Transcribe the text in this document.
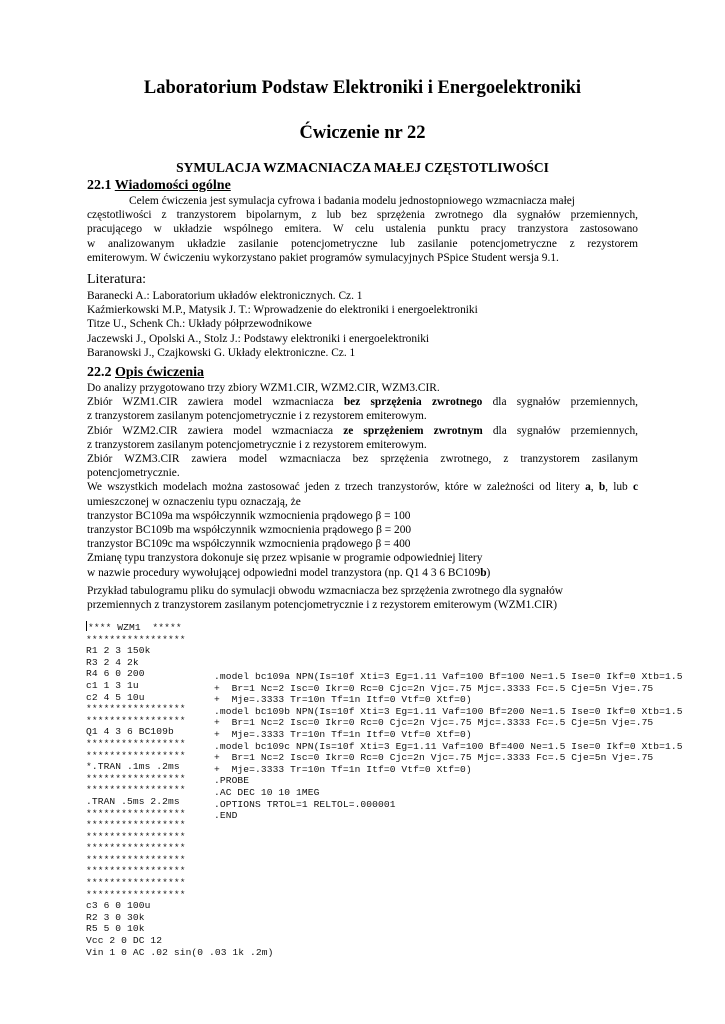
Laboratorium Podstaw Elektroniki i Energoelektroniki
Ćwiczenie nr 22
SYMULACJA WZMACNIACZA MAŁEJ CZĘSTOTLIWOŚCI
22.1 Wiadomości ogólne
Celem ćwiczenia jest symulacja cyfrowa i badania modelu jednostopniowego wzmacniacza małej
częstotliwości z tranzystorem bipolarnym, z lub bez sprzężenia zwrotnego dla sygnałów przemiennych,
pracującego w układzie wspólnego emitera. W celu ustalenia punktu pracy tranzystora zastosowano
w analizowanym układzie zasilanie potencjometryczne lub zasilanie potencjometryczne z rezystorem
emiterowym. W ćwiczeniu wykorzystano pakiet programów symulacyjnych PSpice Student wersja 9.1.
Literatura:
Baranecki A.: Laboratorium układów elektronicznych. Cz. 1
Kaźmierkowski M.P., Matysik J. T.: Wprowadzenie do elektroniki i energoelektroniki
Titze U., Schenk Ch.: Układy półprzewodnikowe
Jaczewski J., Opolski A., Stolz J.: Podstawy elektroniki i energoelektroniki
Baranowski J., Czajkowski G. Układy elektroniczne. Cz. 1
22.2 Opis ćwiczenia
Do analizy przygotowano trzy zbiory WZM1.CIR, WZM2.CIR, WZM3.CIR.
Zbiór WZM1.CIR zawiera model wzmacniacza bez sprzężenia zwrotnego dla sygnałów przemiennych,
z tranzystorem zasilanym potencjometrycznie i z rezystorem emiterowym.
Zbiór WZM2.CIR zawiera model wzmacniacza ze sprzężeniem zwrotnym dla sygnałów przemiennych,
z tranzystorem zasilanym potencjometrycznie i z rezystorem emiterowym.
Zbiór WZM3.CIR zawiera model wzmacniacza bez sprzężenia zwrotnego, z tranzystorem zasilanym
potencjometrycznie.
We wszystkich modelach można zastosować jeden z trzech tranzystorów, które w zależności od litery a, b, lub c
umieszczonej w oznaczeniu typu oznaczają, że
tranzystor BC109a ma współczynnik wzmocnienia prądowego β = 100
tranzystor BC109b ma współczynnik wzmocnienia prądowego β = 200
tranzystor BC109c ma współczynnik wzmocnienia prądowego β = 400
Zmianę typu tranzystora dokonuje się przez wpisanie w programie odpowiedniej litery
w nazwie procedury wywołującej odpowiedni model tranzystora (np. Q1 4 3 6 BC109b)
Przykład tabulogramu pliku do symulacji obwodu wzmacniacza bez sprzężenia zwrotnego dla sygnałów
przemiennych z tranzystorem zasilanym potencjometrycznie i z rezystorem emiterowym (WZM1.CIR)
**** WZM1  *****
*****************
R1 2 3 150k
R3 2 4 2k
R4 6 0 200
c1 1 3 1u
c2 4 5 10u
*****************
*****************
Q1 4 3 6 BC109b
*****************
*****************
*.TRAN .1ms .2ms
*****************
*****************
.TRAN .5ms 2.2ms
*****************
*****************
*****************
*****************
*****************
*****************
*****************
*****************
c3 6 0 100u
R2 3 0 30k
R5 5 0 10k
Vcc 2 0 DC 12
Vin 1 0 AC .02 sin(0 .03 1k .2m)
.model bc109a NPN(Is=10f Xti=3 Eg=1.11 Vaf=100 Bf=100 Ne=1.5 Ise=0 Ikf=0 Xtb=1.5
+  Br=1 Nc=2 Isc=0 Ikr=0 Rc=0 Cjc=2n Vjc=.75 Mjc=.3333 Fc=.5 Cje=5n Vje=.75
+  Mje=.3333 Tr=10n Tf=1n Itf=0 Vtf=0 Xtf=0)
.model bc109b NPN(Is=10f Xti=3 Eg=1.11 Vaf=100 Bf=200 Ne=1.5 Ise=0 Ikf=0 Xtb=1.5
+  Br=1 Nc=2 Isc=0 Ikr=0 Rc=0 Cjc=2n Vjc=.75 Mjc=.3333 Fc=.5 Cje=5n Vje=.75
+  Mje=.3333 Tr=10n Tf=1n Itf=0 Vtf=0 Xtf=0)
.model bc109c NPN(Is=10f Xti=3 Eg=1.11 Vaf=100 Bf=400 Ne=1.5 Ise=0 Ikf=0 Xtb=1.5
+  Br=1 Nc=2 Isc=0 Ikr=0 Rc=0 Cjc=2n Vjc=.75 Mjc=.3333 Fc=.5 Cje=5n Vje=.75
+  Mje=.3333 Tr=10n Tf=1n Itf=0 Vtf=0 Xtf=0)
.PROBE
.AC DEC 10 10 1MEG
.OPTIONS TRTOL=1 RELTOL=.000001
.END
